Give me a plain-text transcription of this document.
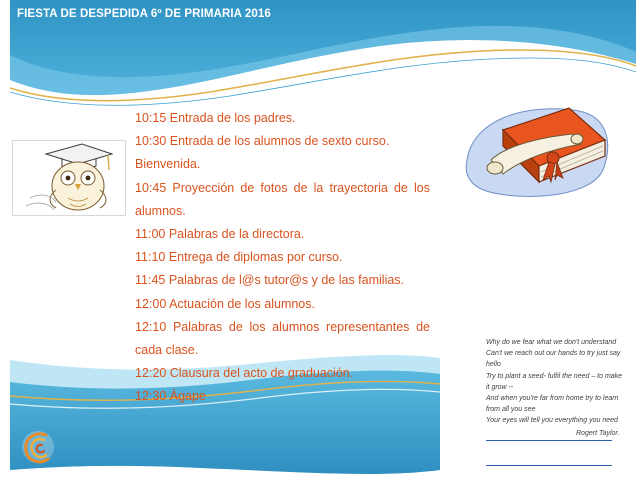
FIESTA DE DESPEDIDA 6º DE PRIMARIA 2016
10:15 Entrada de los padres.
10:30 Entrada de los alumnos de sexto curso. Bienvenida.
10:45 Proyección de fotos de la trayectoria de los alumnos.
11:00 Palabras de la directora.
11:10 Entrega de diplomas por curso.
11:45 Palabras de l@s tutor@s y de las familias.
12:00 Actuación de los alumnos.
12:10 Palabras de los alumnos representantes de cada clase.
12:20 Clausura del acto de graduación.
12:30 Ágape
Why do we fear what we don't understand
Can't we reach out our hands to try just say hello
Try to plant a seed- fulfil the need – to make it grow --
And when you're far from home try to learn from all you see
Your eyes will tell you everything you need
Rogert Taylor.
